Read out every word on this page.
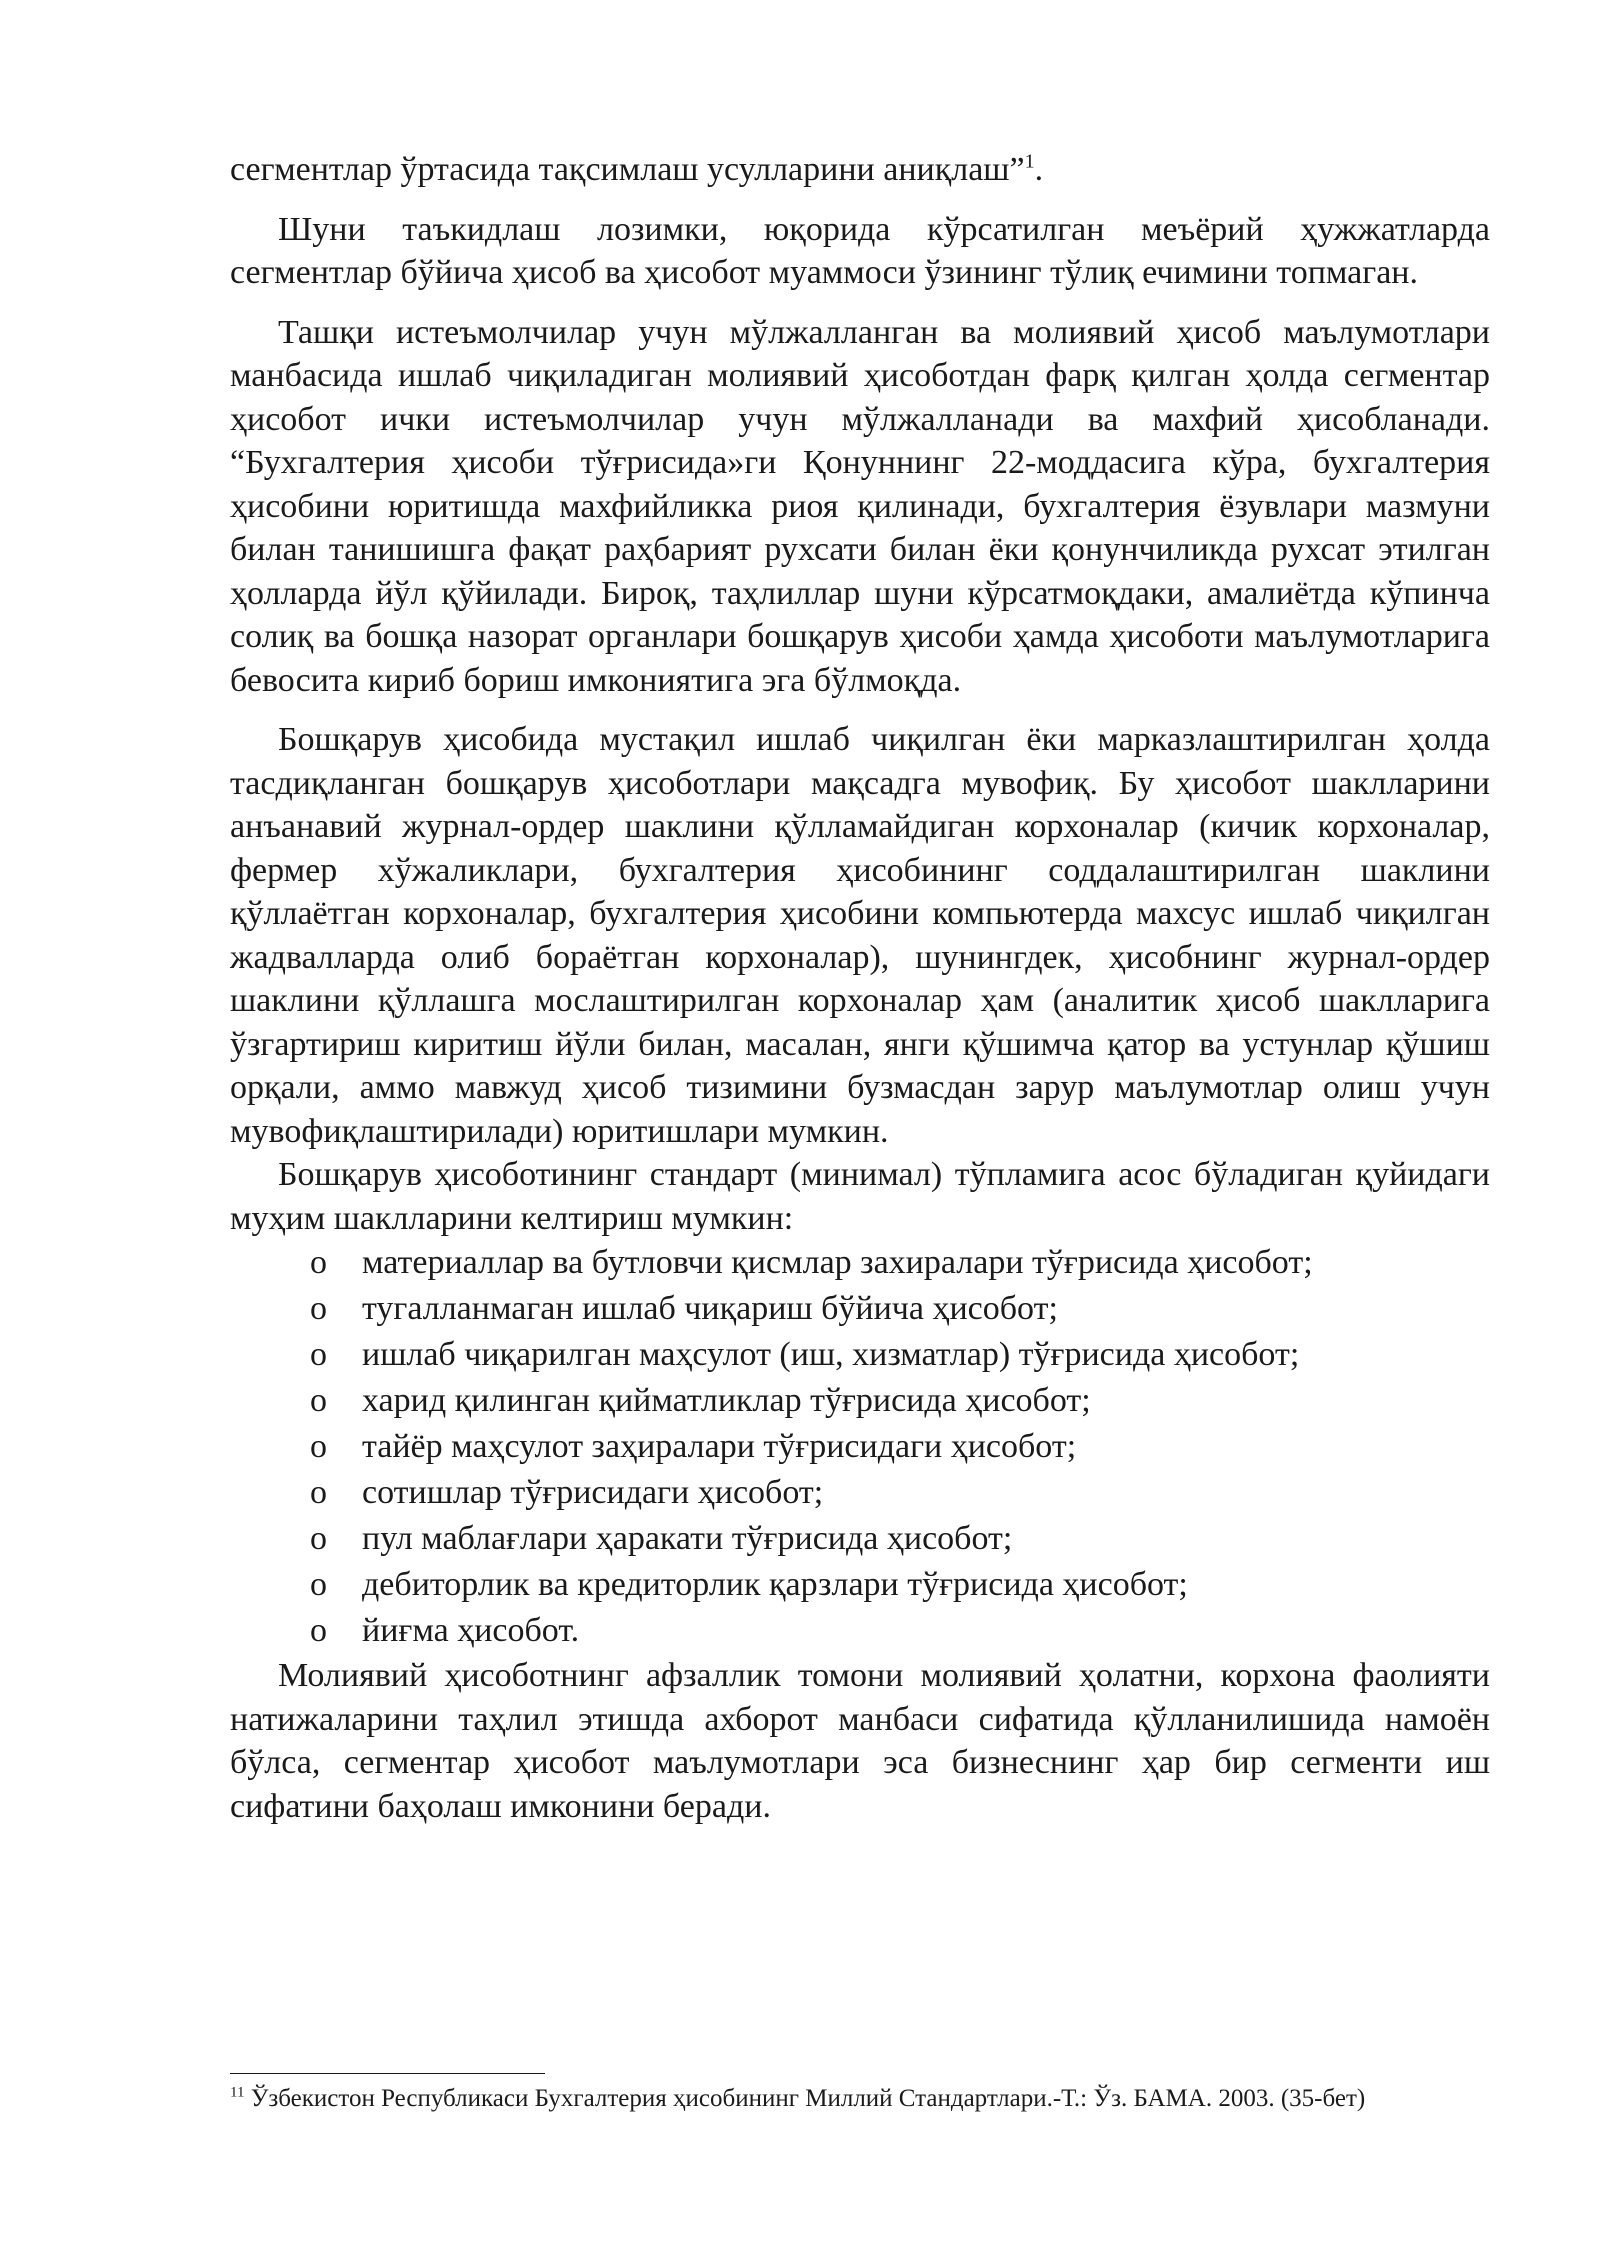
сегментлар ўртасида тақсимлаш усулларини аниқлаш”$^1$.

Шуни таъкидлаш лозимки, юқорида кўрсатилган меъёрий ҳужжатларда сегментлар бўйича ҳисоб ва ҳисобот муаммоси ўзининг тўлиқ ечимини топмаган.

Ташқи истеъмолчилар учун мўлжалланган ва молиявий ҳисоб маълумотлари манбасида ишлаб чиқиладиган молиявий ҳисоботдан фарқ қилган ҳолда сегментар ҳисобот ички истеъмолчилар учун мўлжалланади ва махфий ҳисобланади. “Бухгалтерия ҳисоби тўғрисида»ги Қонуннинг 22-моддасига кўра, бухгалтерия ҳисобини юритишда махфийликка риоя қилинади, бухгалтерия ёзувлари мазмуни билан танишишга фақат раҳбарият рухсати билан ёки қонунчиликда рухсат этилган ҳолларда йўл қўйилади. Бироқ, таҳлиллар шуни кўрсатмоқдаки, амалиётда кўпинча солиқ ва бошқа назорат органлари бошқарув ҳисоби ҳамда ҳисоботи маълумотларига бевосита кириб бориш имкониятига эга бўлмоқда.

Бошқарув ҳисобида мустақил ишлаб чиқилган ёки марказлаштирилган ҳолда тасдиқланган бошқарув ҳисоботлари мақсадга мувофиқ. Бу ҳисобот шаклларини анъанавий журнал-ордер шаклини қўлламайдиган корхоналар (кичик корхоналар, фермер хўжаликлари, бухгалтерия ҳисобининг соддалаштирилган шаклини қўллаётган корхоналар, бухгалтерия ҳисобини компьютерда махсус ишлаб чиқилган жадвалларда олиб бораётган корхоналар), шунингдек, ҳисобнинг журнал-ордер шаклини қўллашга мослаштирилган корхоналар ҳам (аналитик ҳисоб шаклларига ўзгартириш киритиш йўли билан, масалан, янги қўшимча қатор ва устунлар қўшиш орқали, аммо мавжуд ҳисоб тизимини бузмасдан зарур маълумотлар олиш учун мувофиқлаштирилади) юритишлари мумкин.

Бошқарув ҳисоботининг стандарт (минимал) тўпламига асос бўладиган қуйидаги муҳим шаклларини келтириш мумкин:

o материаллар ва бутловчи қисмлар захиралари тўғрисида ҳисобот;
o тугалланмаган ишлаб чиқариш бўйича ҳисобот;
o ишлаб чиқарилган маҳсулот (иш, хизматлар) тўғрисида ҳисобот;
o харид қилинган қийматликлар тўғрисида ҳисобот;
o тайёр маҳсулот заҳиралари тўғрисидаги ҳисобот;
o сотишлар тўғрисидаги ҳисобот;
o пул маблағлари ҳаракати тўғрисида ҳисобот;
o дебиторлик ва кредиторлик қарзлари тўғрисида ҳисобот;
o йиғма ҳисобот.

Молиявий ҳисоботнинг афзаллик томони молиявий ҳолатни, корхона фаолияти натижаларини таҳлил этишда ахборот манбаси сифатида қўлланилишида намоён бўлса, сегментар ҳисобот маълумотлари эса бизнеснинг ҳар бир сегменти иш сифатини баҳолаш имконини беради.

$^{11}$ Ўзбекистон Республикаси Бухгалтерия ҳисобининг Миллий Стандартлари.-Т.: Ўз. БАМА. 2003. (35-бет)
